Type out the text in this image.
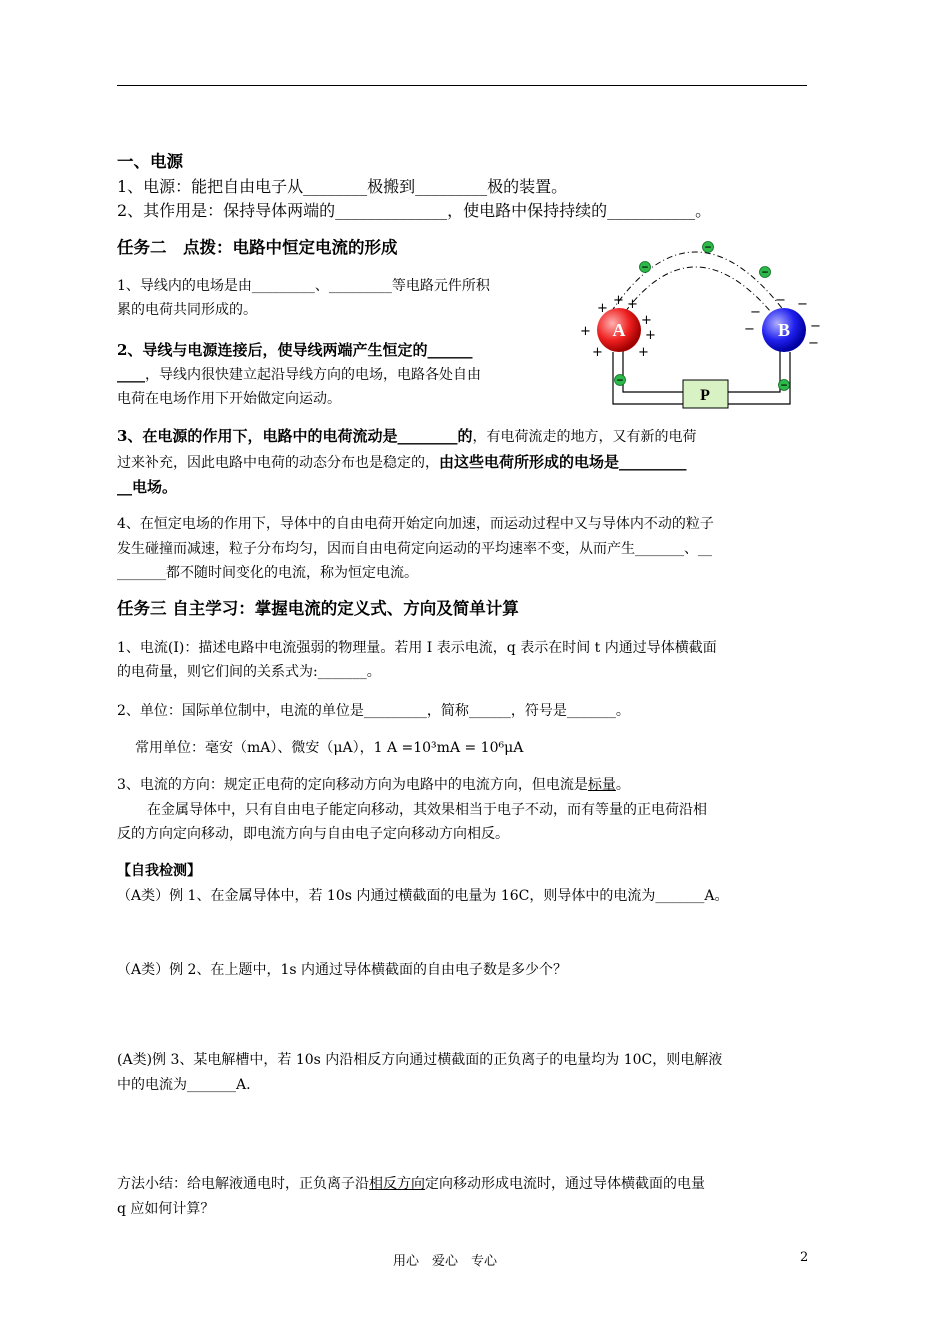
一、电源
1、电源：能把自由电子从________极搬到_________极的装置。
2、其作用是：保持导体两端的______________，使电路中保持持续的___________。
任务二　点拨：电路中恒定电流的形成
1、导线内的电场是由_________、_________等电路元件所积
累的电荷共同形成的。
2、导线与电源连接后，使导线两端产生恒定的______
____，导线内很快建立起沿导线方向的电场，电路各处自由
电荷在电场作用下开始做定向运动。
3、在电源的作用下，电路中的电荷流动是________的，有电荷流走的地方，又有新的电荷
过来补充，因此电路中电荷的动态分布也是稳定的，由这些电荷所形成的电场是_________
__电场。
4、在恒定电场的作用下，导体中的自由电荷开始定向加速，而运动过程中又与导体内不动的粒子
发生碰撞而减速，粒子分布均匀，因而自由电荷定向运动的平均速率不变，从而产生_______、__
_______都不随时间变化的电流，称为恒定电流。
P
A	B
+
+ +
+	+
+	+
+
−
−
−	−
−
−
−
−
−
−	−
任务三 自主学习：掌握电流的定义式、方向及简单计算
1、电流(I)：描述电路中电流强弱的物理量。若用 I 表示电流，q 表示在时间 t 内通过导体横截面
的电荷量，则它们间的关系式为:_______。
2、单位：国际单位制中，电流的单位是_________，简称______，符号是_______。
常用单位：毫安（mA）、微安（μA），1 A =10³mA = 10⁶μA
3、电流的方向：规定正电荷的定向移动方向为电路中的电流方向，但电流是标量。
在金属导体中，只有自由电子能定向移动，其效果相当于电子不动，而有等量的正电荷沿相
反的方向定向移动，即电流方向与自由电子定向移动方向相反。
【自我检测】
（A类）例 1、在金属导体中，若 10s 内通过横截面的电量为 16C，则导体中的电流为_______A。
（A类）例 2、在上题中，1s 内通过导体横截面的自由电子数是多少个？
(A类)例 3、某电解槽中，若 10s 内沿相反方向通过横截面的正负离子的电量均为 10C，则电解液
中的电流为_______A.
方法小结：给电解液通电时，正负离子沿相反方向定向移动形成电流时，通过导体横截面的电量
q 应如何计算？
用心　爱心　专心	2
